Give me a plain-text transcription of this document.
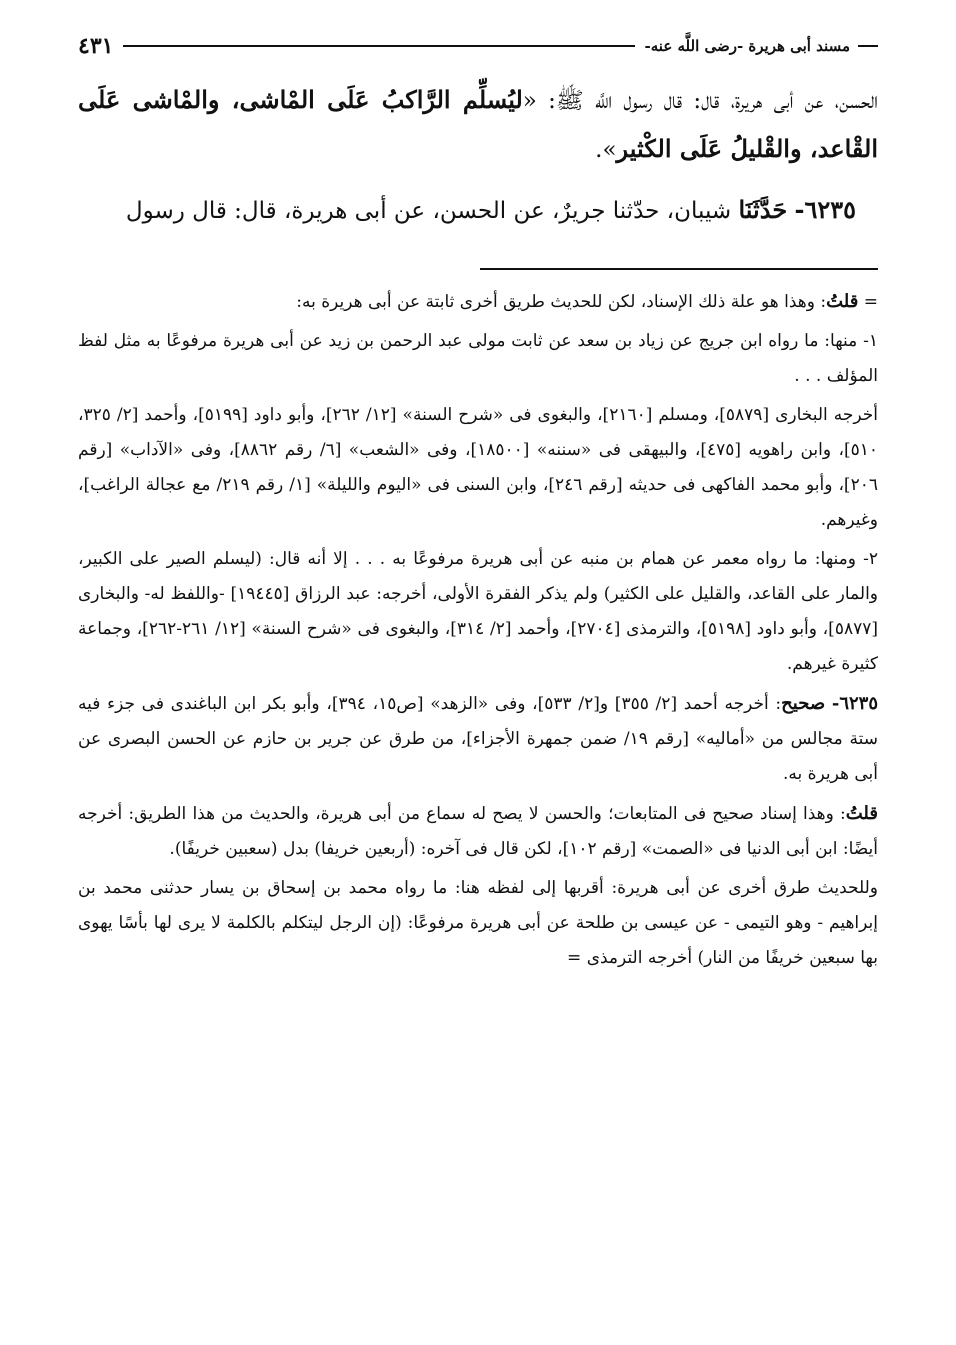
مسند أبى هريرة -رضى اللَّه عنه-
٤٣١

الحسن، عن أبى هريرة، قال: قال رسول اللَّه ﷺ: «ليُسلِّم الرَّاكبُ عَلَى المْاشى، والمْاشى عَلَى القْاعد، والقْليلُ عَلَى الكْثير».

٦٢٣٥- حَدَّثَنَا شيبان، حدّثنا جريرٌ، عن الحسن، عن أبى هريرة، قال: قال رسول

= قلتُ: وهذا هو علة ذلك الإسناد، لكن للحديث طريق أخرى ثابتة عن أبى هريرة به:

١- منها: ما رواه ابن جريج عن زياد بن سعد عن ثابت مولى عبد الرحمن بن زيد عن أبى هريرة مرفوعًا به مثل لفظ المؤلف . . .

أخرجه البخارى [٥٨٧٩]، ومسلم [٢١٦٠]، والبغوى فى «شرح السنة» [١٢/ ٢٦٢]، وأبو داود [٥١٩٩]، وأحمد [٢/ ٣٢٥، ٥١٠]، وابن راهويه [٤٧٥]، والبيهقى فى «سننه» [١٨٥٠٠]، وفى «الشعب» [٦/ رقم ٨٨٦٢]، وفى «الآداب» [رقم ٢٠٦]، وأبو محمد الفاكهى فى حديثه [رقم ٢٤٦]، وابن السنى فى «اليوم والليلة» [١/ رقم ٢١٩/ مع عجالة الراغب]، وغيرهم.

٢- ومنها: ما رواه معمر عن همام بن منبه عن أبى هريرة مرفوعًا به . . . إلا أنه قال: (ليسلم الصير على الكبير، والمار على القاعد، والقليل على الكثير) ولم يذكر الفقرة الأولى، أخرجه: عبد الرزاق [١٩٤٤٥] -واللفظ له- والبخارى [٥٨٧٧]، وأبو داود [٥١٩٨]، والترمذى [٢٧٠٤]، وأحمد [٢/ ٣١٤]، والبغوى فى «شرح السنة» [١٢/ ٢٦١-٢٦٢]، وجماعة كثيرة غيرهم.

٦٢٣٥- صحيح: أخرجه أحمد [٢/ ٣٥٥] و[٢/ ٥٣٣]، وفى «الزهد» [ص١٥، ٣٩٤]، وأبو بكر ابن الباغندى فى جزء فيه ستة مجالس من «أماليه» [رقم ١٩/ ضمن جمهرة الأجزاء]، من طرق عن جرير بن حازم عن الحسن البصرى عن أبى هريرة به.

قلتُ: وهذا إسناد صحيح فى المتابعات؛ والحسن لا يصح له سماع من أبى هريرة، والحديث من هذا الطريق: أخرجه أيضًا: ابن أبى الدنيا فى «الصمت» [رقم ١٠٢]، لكن قال فى آخره: (أربعين خريفا) بدل (سعبين خريفًا).

وللحديث طرق أخرى عن أبى هريرة: أقربها إلى لفظه هنا: ما رواه محمد بن إسحاق بن يسار حدثنى محمد بن إبراهيم - وهو التيمى - عن عيسى بن طلحة عن أبى هريرة مرفوعًا: (إن الرجل ليتكلم بالكلمة لا يرى لها بأسًا يهوى بها سبعين خريفًا من النار) أخرجه الترمذى =
